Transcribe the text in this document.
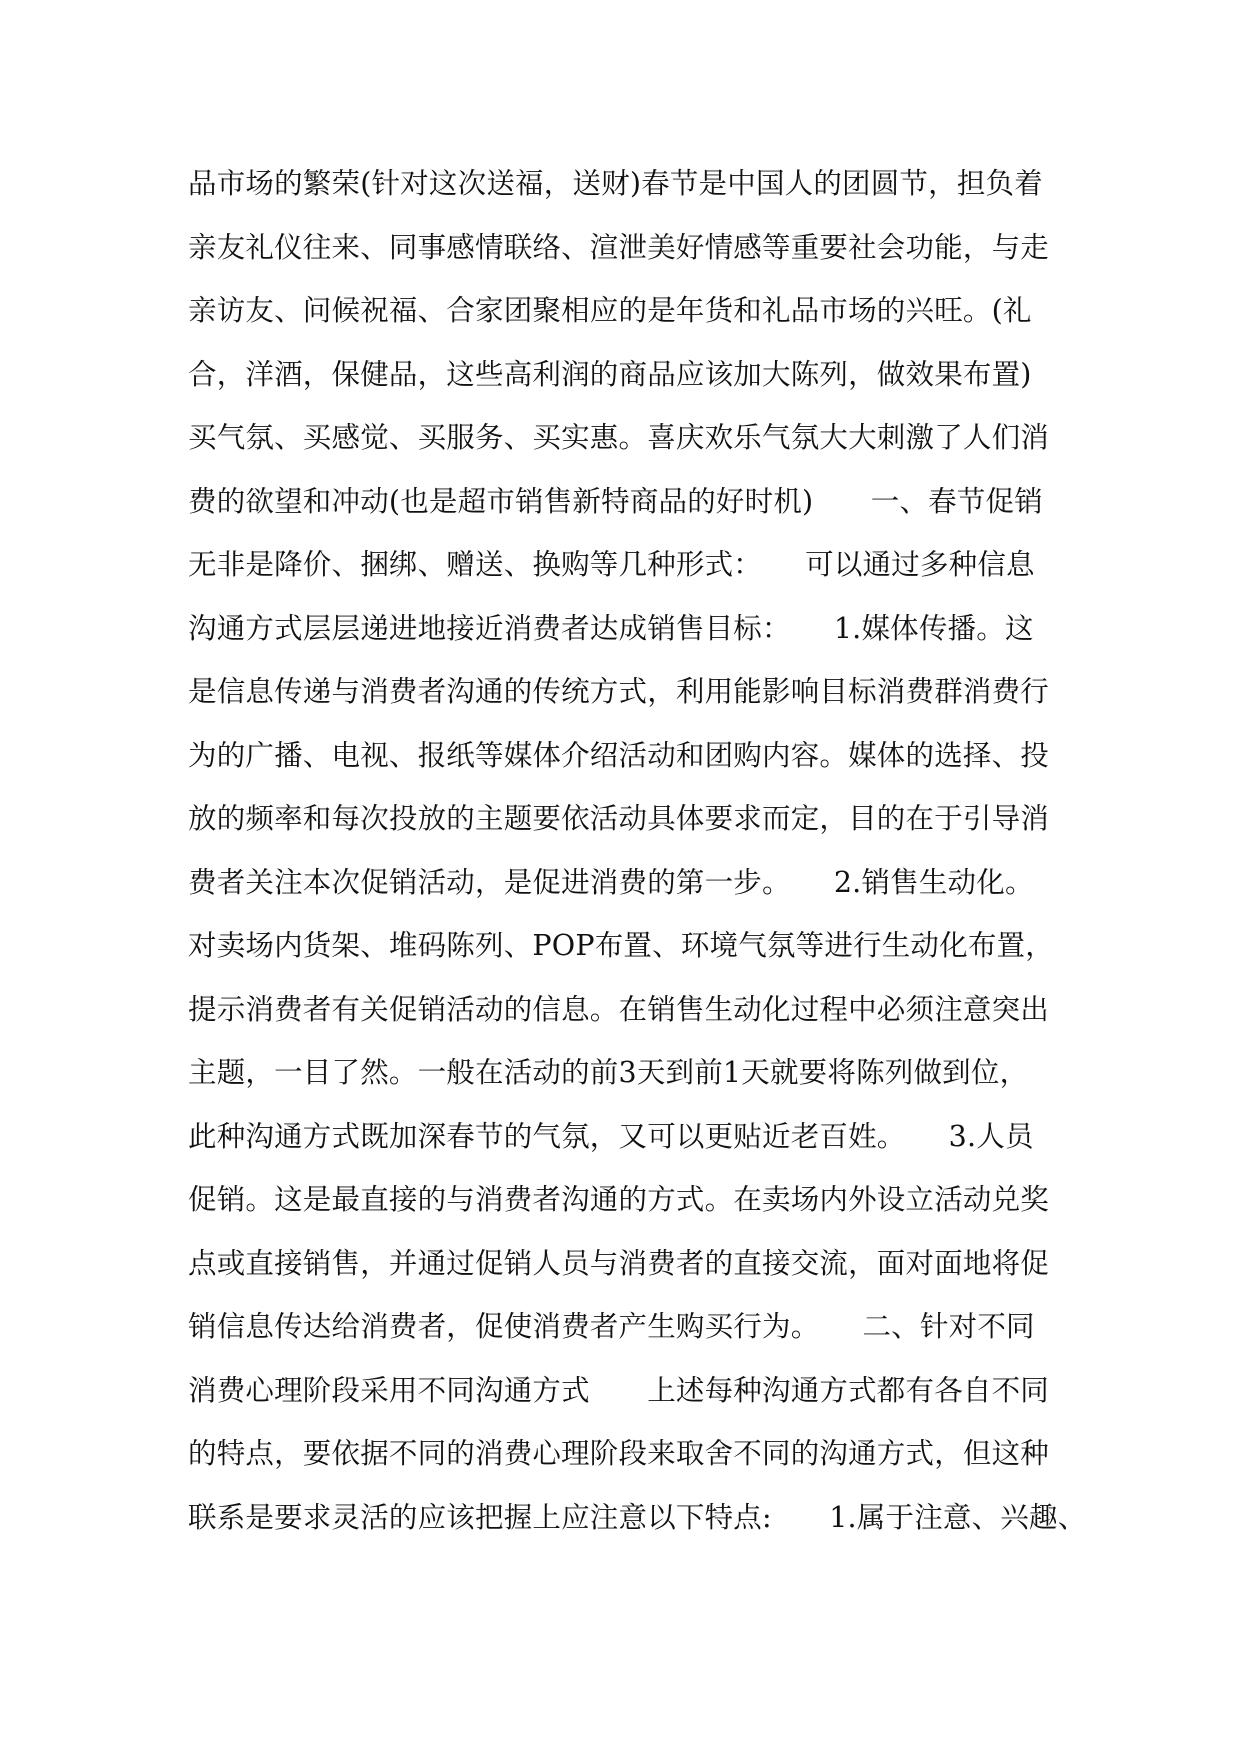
品市场的繁荣(针对这次送福，送财)春节是中国人的团圆节，担负着
亲友礼仪往来、同事感情联络、渲泄美好情感等重要社会功能，与走
亲访友、问候祝福、合家团聚相应的是年货和礼品市场的兴旺。(礼
合，洋酒，保健品，这些高利润的商品应该加大陈列，做效果布置)
买气氛、买感觉、买服务、买实惠。喜庆欢乐气氛大大刺激了人们消
费的欲望和冲动(也是超市销售新特商品的好时机)　　一、春节促销
无非是降价、捆绑、赠送、换购等几种形式：　　可以通过多种信息
沟通方式层层递进地接近消费者达成销售目标：　　1.媒体传播。这
是信息传递与消费者沟通的传统方式，利用能影响目标消费群消费行
为的广播、电视、报纸等媒体介绍活动和团购内容。媒体的选择、投
放的频率和每次投放的主题要依活动具体要求而定，目的在于引导消
费者关注本次促销活动，是促进消费的第一步。　　2.销售生动化。
对卖场内货架、堆码陈列、POP布置、环境气氛等进行生动化布置，
提示消费者有关促销活动的信息。在销售生动化过程中必须注意突出
主题，一目了然。一般在活动的前3天到前1天就要将陈列做到位，
此种沟通方式既加深春节的气氛，又可以更贴近老百姓。　　3.人员
促销。这是最直接的与消费者沟通的方式。在卖场内外设立活动兑奖
点或直接销售，并通过促销人员与消费者的直接交流，面对面地将促
销信息传达给消费者，促使消费者产生购买行为。　　二、针对不同
消费心理阶段采用不同沟通方式　　上述每种沟通方式都有各自不同
的特点，要依据不同的消费心理阶段来取舍不同的沟通方式，但这种
联系是要求灵活的应该把握上应注意以下特点:　　1.属于注意、兴趣、
